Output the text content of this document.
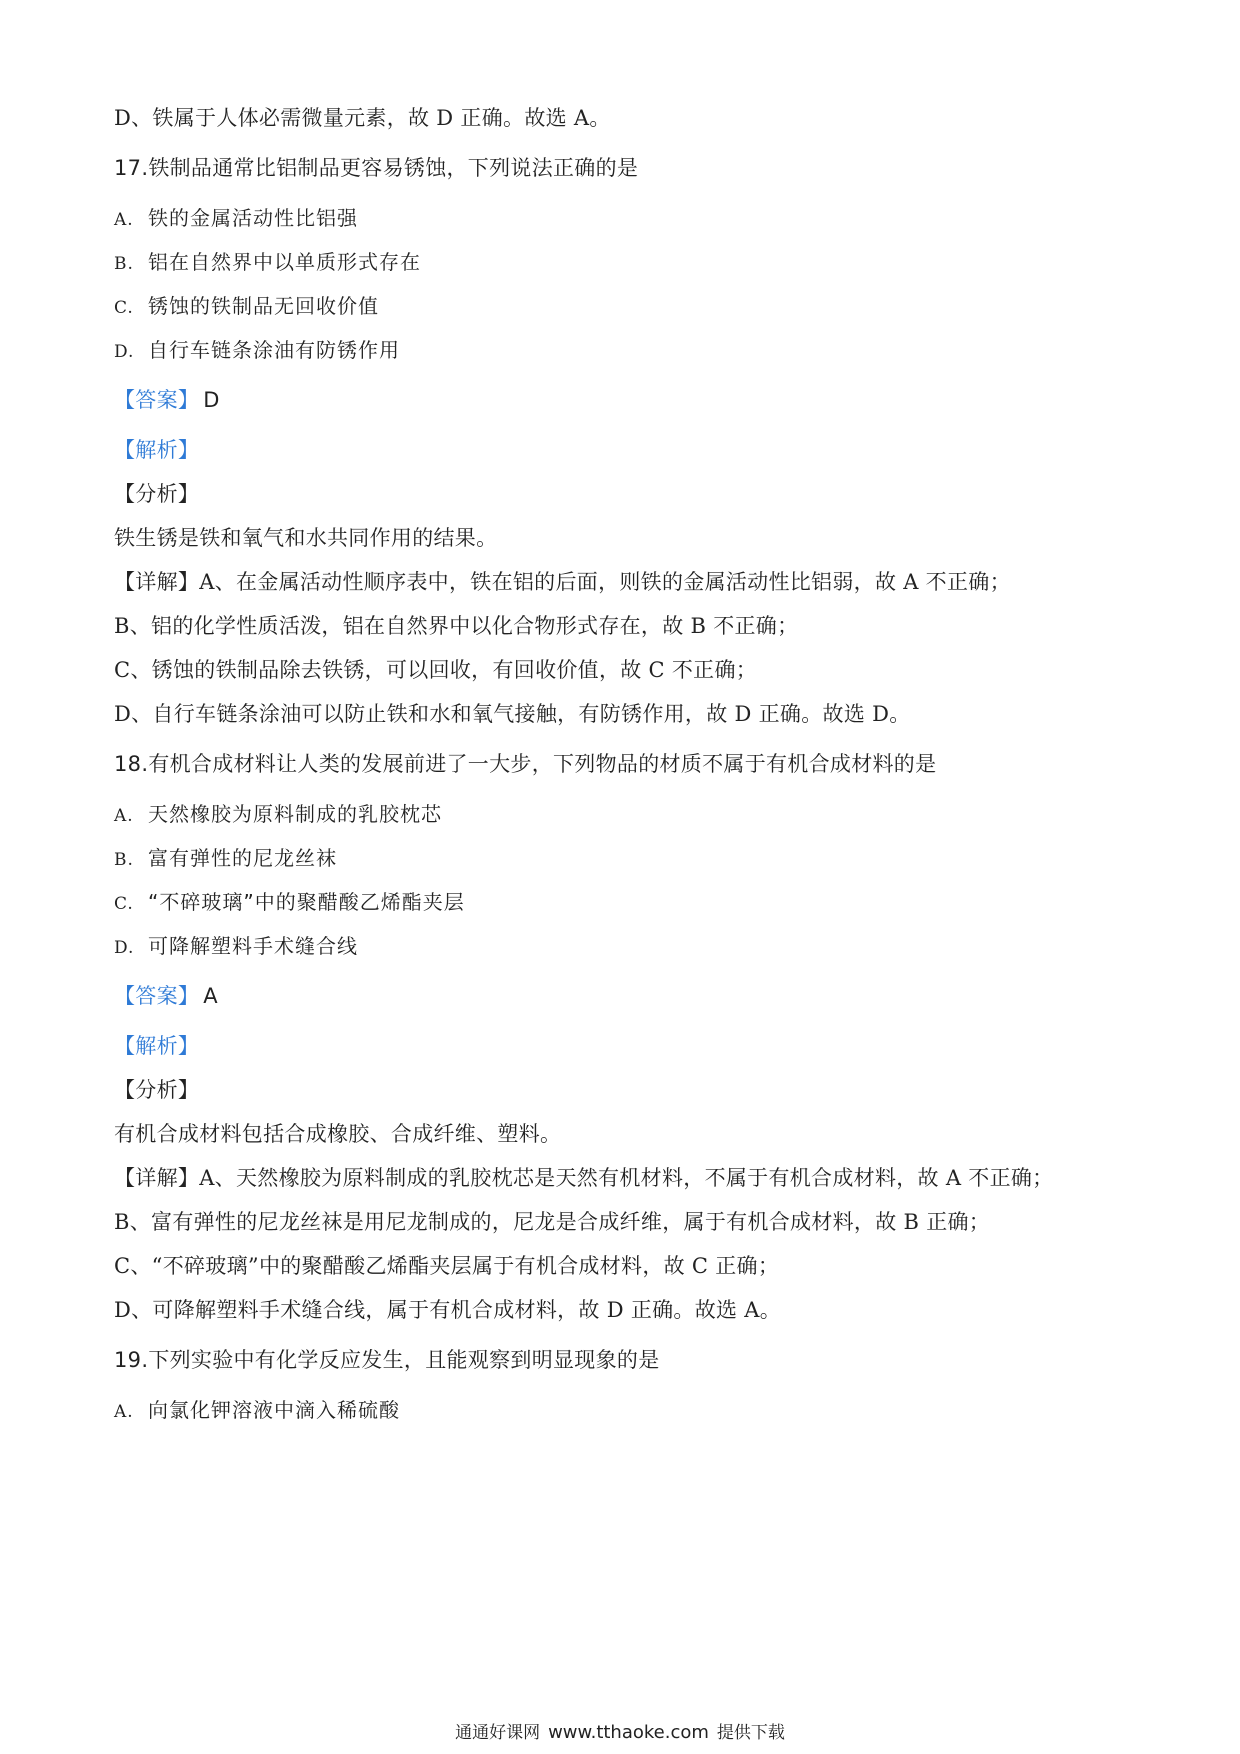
D、铁属于人体必需微量元素，故 D 正确。故选 A。
17.铁制品通常比铝制品更容易锈蚀，下列说法正确的是
A. 铁的金属活动性比铝强
B. 铝在自然界中以单质形式存在
C. 锈蚀的铁制品无回收价值
D. 自行车链条涂油有防锈作用
【答案】 D
【解析】
【分析】
铁生锈是铁和氧气和水共同作用的结果。
【详解】A、在金属活动性顺序表中，铁在铝的后面，则铁的金属活动性比铝弱，故 A 不正确；
B、铝的化学性质活泼，铝在自然界中以化合物形式存在，故 B 不正确；
C、锈蚀的铁制品除去铁锈，可以回收，有回收价值，故 C 不正确；
D、自行车链条涂油可以防止铁和水和氧气接触，有防锈作用，故 D 正确。故选 D。
18.有机合成材料让人类的发展前进了一大步，下列物品的材质不属于有机合成材料的是
A. 天然橡胶为原料制成的乳胶枕芯
B. 富有弹性的尼龙丝袜
C. “不碎玻璃”中的聚醋酸乙烯酯夹层
D. 可降解塑料手术缝合线
【答案】 A
【解析】
【分析】
有机合成材料包括合成橡胶、合成纤维、塑料。
【详解】A、天然橡胶为原料制成的乳胶枕芯是天然有机材料，不属于有机合成材料，故 A 不正确；
B、富有弹性的尼龙丝袜是用尼龙制成的，尼龙是合成纤维，属于有机合成材料，故 B 正确；
C、“不碎玻璃”中的聚醋酸乙烯酯夹层属于有机合成材料，故 C 正确；
D、可降解塑料手术缝合线，属于有机合成材料，故 D 正确。故选 A。
19.下列实验中有化学反应发生，且能观察到明显现象的是
A. 向氯化钾溶液中滴入稀硫酸
通通好课网 www.tthaoke.com 提供下载
